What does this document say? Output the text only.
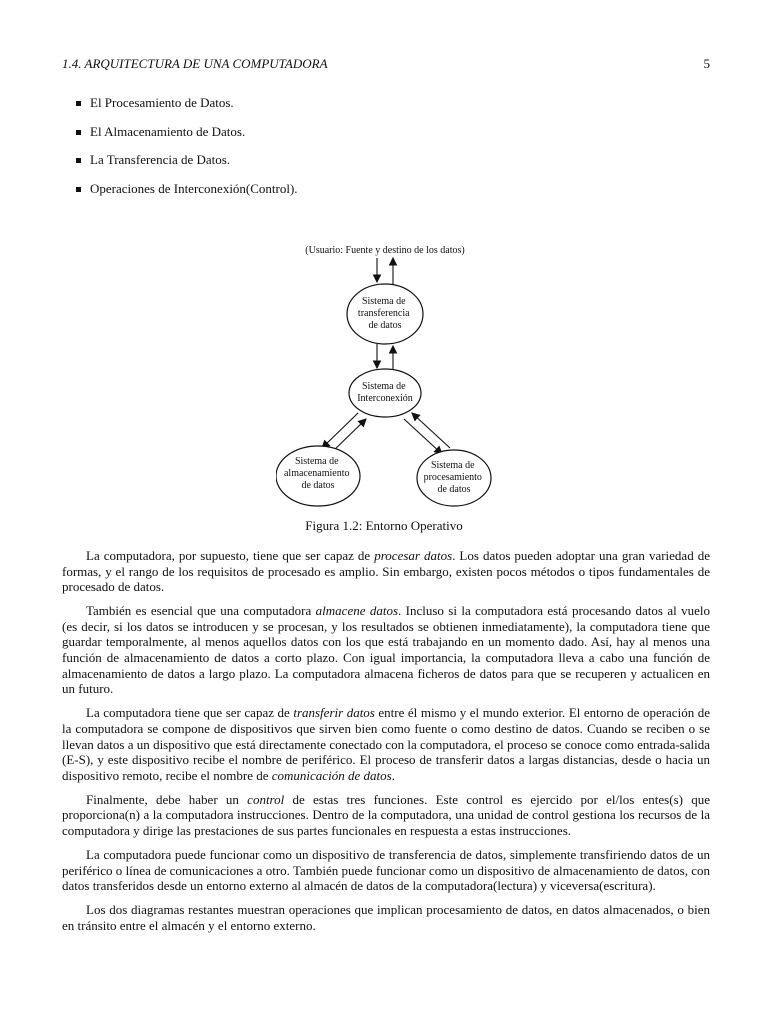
1.4. ARQUITECTURA DE UNA COMPUTADORA	5
El Procesamiento de Datos.
El Almacenamiento de Datos.
La Transferencia de Datos.
Operaciones de Interconexión(Control).
(Usuario: Fuente y destino de los datos)
Sistema de transferencia de datos
Sistema de Interconexión
Sistema de almacenamiento de datos
Sistema de procesamiento de datos
Figura 1.2: Entorno Operativo

La computadora, por supuesto, tiene que ser capaz de procesar datos. Los datos pueden adoptar una gran variedad de formas, y el rango de los requisitos de procesado es amplio. Sin embargo, existen pocos métodos o tipos fundamentales de procesado de datos.

También es esencial que una computadora almacene datos. Incluso si la computadora está procesando datos al vuelo (es decir, si los datos se introducen y se procesan, y los resultados se obtienen inmediatamente), la computadora tiene que guardar temporalmente, al menos aquellos datos con los que está trabajando en un momento dado. Así, hay al menos una función de almacenamiento de datos a corto plazo. Con igual importancia, la computadora lleva a cabo una función de almacenamiento de datos a largo plazo. La computadora almacena ficheros de datos para que se recuperen y actualicen en un futuro.

La computadora tiene que ser capaz de transferir datos entre él mismo y el mundo exterior. El entorno de operación de la computadora se compone de dispositivos que sirven bien como fuente o como destino de datos. Cuando se reciben o se llevan datos a un dispositivo que está directamente conectado con la computadora, el proceso se conoce como entrada-salida (E-S), y este dispositivo recibe el nombre de periférico. El proceso de transferir datos a largas distancias, desde o hacia un dispositivo remoto, recibe el nombre de comunicación de datos.

Finalmente, debe haber un control de estas tres funciones. Este control es ejercido por el/los entes(s) que proporciona(n) a la computadora instrucciones. Dentro de la computadora, una unidad de control gestiona los recursos de la computadora y dirige las prestaciones de sus partes funcionales en respuesta a estas instrucciones.

La computadora puede funcionar como un dispositivo de transferencia de datos, simplemente transfiriendo datos de un periférico o línea de comunicaciones a otro. También puede funcionar como un dispositivo de almacenamiento de datos, con datos transferidos desde un entorno externo al almacén de datos de la computadora(lectura) y viceversa(escritura).

Los dos diagramas restantes muestran operaciones que implican procesamiento de datos, en datos almacenados, o bien en tránsito entre el almacén y el entorno externo.
